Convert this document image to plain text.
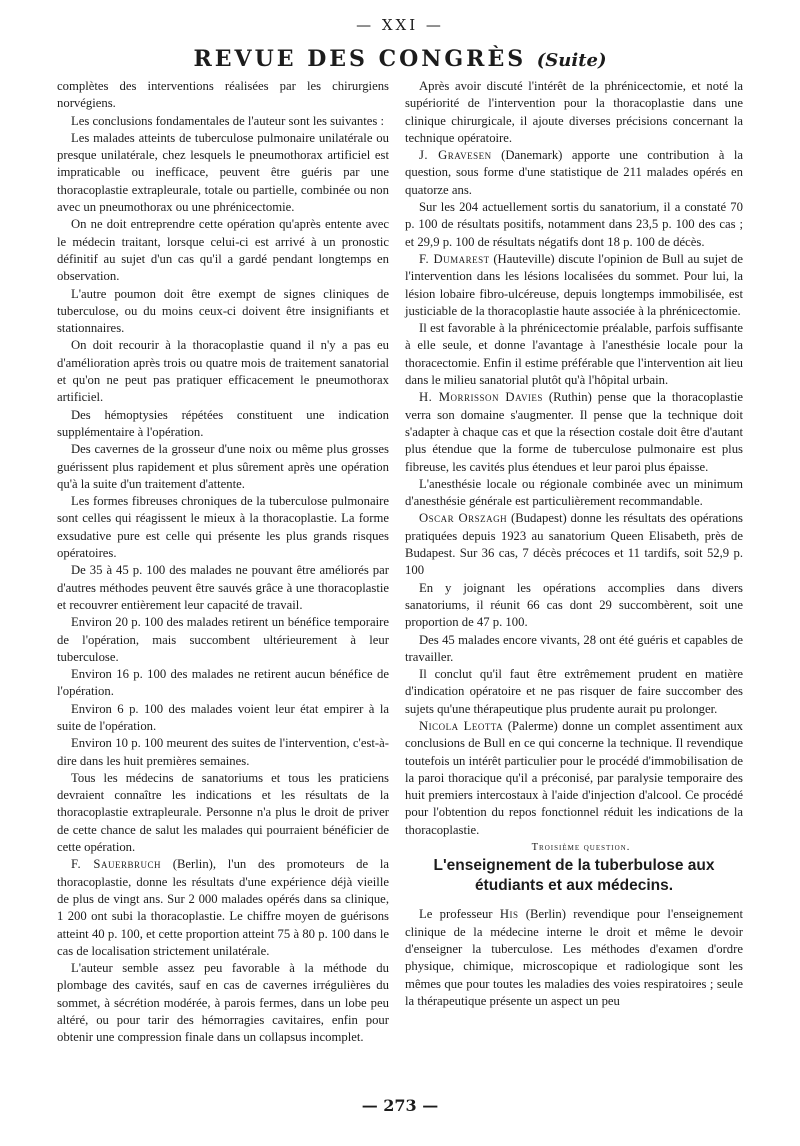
— XXI —
REVUE DES CONGRÈS (Suite)

complètes des interventions réalisées par les chirurgiens norvégiens.

Les conclusions fondamentales de l'auteur sont les suivantes :

Les malades atteints de tuberculose pulmonaire unilatérale ou presque unilatérale, chez lesquels le pneumothorax artificiel est impraticable ou inefficace, peuvent être guéris par une thoracoplastie extrapleurale, totale ou partielle, combinée ou non avec un pneumothorax ou une phrénicectomie.

On ne doit entreprendre cette opération qu'après entente avec le médecin traitant, lorsque celui-ci est arrivé à un pronostic définitif au sujet d'un cas qu'il a gardé pendant longtemps en observation.

L'autre poumon doit être exempt de signes cliniques de tuberculose, ou du moins ceux-ci doivent être insignifiants et stationnaires.

On doit recourir à la thoracoplastie quand il n'y a pas eu d'amélioration après trois ou quatre mois de traitement sanatorial et qu'on ne peut pas pratiquer efficacement le pneumothorax artificiel.

Des hémoptysies répétées constituent une indication supplémentaire à l'opération.

Des cavernes de la grosseur d'une noix ou même plus grosses guérissent plus rapidement et plus sûrement après une opération qu'à la suite d'un traitement d'attente.

Les formes fibreuses chroniques de la tuberculose pulmonaire sont celles qui réagissent le mieux à la thoracoplastie. La forme exsudative pure est celle qui présente les plus grands risques opératoires.

De 35 à 45 p. 100 des malades ne pouvant être améliorés par d'autres méthodes peuvent être sauvés grâce à une thoracoplastie et recouvrer entièrement leur capacité de travail.

Environ 20 p. 100 des malades retirent un bénéfice temporaire de l'opération, mais succombent ultérieurement à leur tuberculose.

Environ 16 p. 100 des malades ne retirent aucun bénéfice de l'opération.

Environ 6 p. 100 des malades voient leur état empirer à la suite de l'opération.

Environ 10 p. 100 meurent des suites de l'intervention, c'est-à-dire dans les huit premières semaines.

Tous les médecins de sanatoriums et tous les praticiens devraient connaître les indications et les résultats de la thoracoplastie extrapleurale. Personne n'a plus le droit de priver de cette chance de salut les malades qui pourraient bénéficier de cette opération.

F. Sauerbruch (Berlin), l'un des promoteurs de la thoracoplastie, donne les résultats d'une expérience déjà vieille de plus de vingt ans. Sur 2 000 malades opérés dans sa clinique, 1 200 ont subi la thoracoplastie. Le chiffre moyen de guérisons atteint 40 p. 100, et cette proportion atteint 75 à 80 p. 100 dans le cas de localisation strictement unilatérale.

L'auteur semble assez peu favorable à la méthode du plombage des cavités, sauf en cas de cavernes irrégulières du sommet, à sécrétion modérée, à parois fermes, dans un lobe peu altéré, ou pour tarir des hémorragies cavitaires, enfin pour obtenir une compression finale dans un collapsus incomplet.

Après avoir discuté l'intérêt de la phrénicectomie, et noté la supériorité de l'intervention pour la thoracoplastie dans une clinique chirurgicale, il ajoute diverses précisions concernant la technique opératoire.

J. Gravesen (Danemark) apporte une contribution à la question, sous forme d'une statistique de 211 malades opérés en quatorze ans.

Sur les 204 actuellement sortis du sanatorium, il a constaté 70 p. 100 de résultats positifs, notamment dans 23,5 p. 100 des cas ; et 29,9 p. 100 de résultats négatifs dont 18 p. 100 de décès.

F. Dumarest (Hauteville) discute l'opinion de Bull au sujet de l'intervention dans les lésions localisées du sommet. Pour lui, la lésion lobaire fibro-ulcéreuse, depuis longtemps immobilisée, est justiciable de la thoracoplastie haute associée à la phrénicectomie.

Il est favorable à la phrénicectomie préalable, parfois suffisante à elle seule, et donne l'avantage à l'anesthésie locale pour la thoracectomie. Enfin il estime préférable que l'intervention ait lieu dans le milieu sanatorial plutôt qu'à l'hôpital urbain.

H. Morrisson Davies (Ruthin) pense que la thoracoplastie verra son domaine s'augmenter. Il pense que la technique doit s'adapter à chaque cas et que la résection costale doit être d'autant plus étendue que la forme de tuberculose pulmonaire est plus fibreuse, les cavités plus étendues et leur paroi plus épaisse.

L'anesthésie locale ou régionale combinée avec un minimum d'anesthésie générale est particulièrement recommandable.

Oscar Orszagh (Budapest) donne les résultats des opérations pratiquées depuis 1923 au sanatorium Queen Elisabeth, près de Budapest. Sur 36 cas, 7 décès précoces et 11 tardifs, soit 52,9 p. 100

En y joignant les opérations accomplies dans divers sanatoriums, il réunit 66 cas dont 29 succombèrent, soit une proportion de 47 p. 100.

Des 45 malades encore vivants, 28 ont été guéris et capables de travailler.

Il conclut qu'il faut être extrêmement prudent en matière d'indication opératoire et ne pas risquer de faire succomber des sujets qu'une thérapeutique plus prudente aurait pu prolonger.

Nicola Leotta (Palerme) donne un complet assentiment aux conclusions de Bull en ce qui concerne la technique. Il revendique toutefois un intérêt particulier pour le procédé d'immobilisation de la paroi thoracique qu'il a préconisé, par paralysie temporaire des huit premiers intercostaux à l'aide d'injection d'alcool. Ce procédé pour l'obtention du repos fonctionnel réduit les indications de la thoracoplastie.

Troisième question.

L'enseignement de la tuberbulose aux étudiants et aux médecins.

Le professeur His (Berlin) revendique pour l'enseignement clinique de la médecine interne le droit et même le devoir d'enseigner la tuberculose. Les méthodes d'examen d'ordre physique, chimique, microscopique et radiologique sont les mêmes que pour toutes les maladies des voies respiratoires ; seule la thérapeutique présente un aspect un peu

— 273 —
